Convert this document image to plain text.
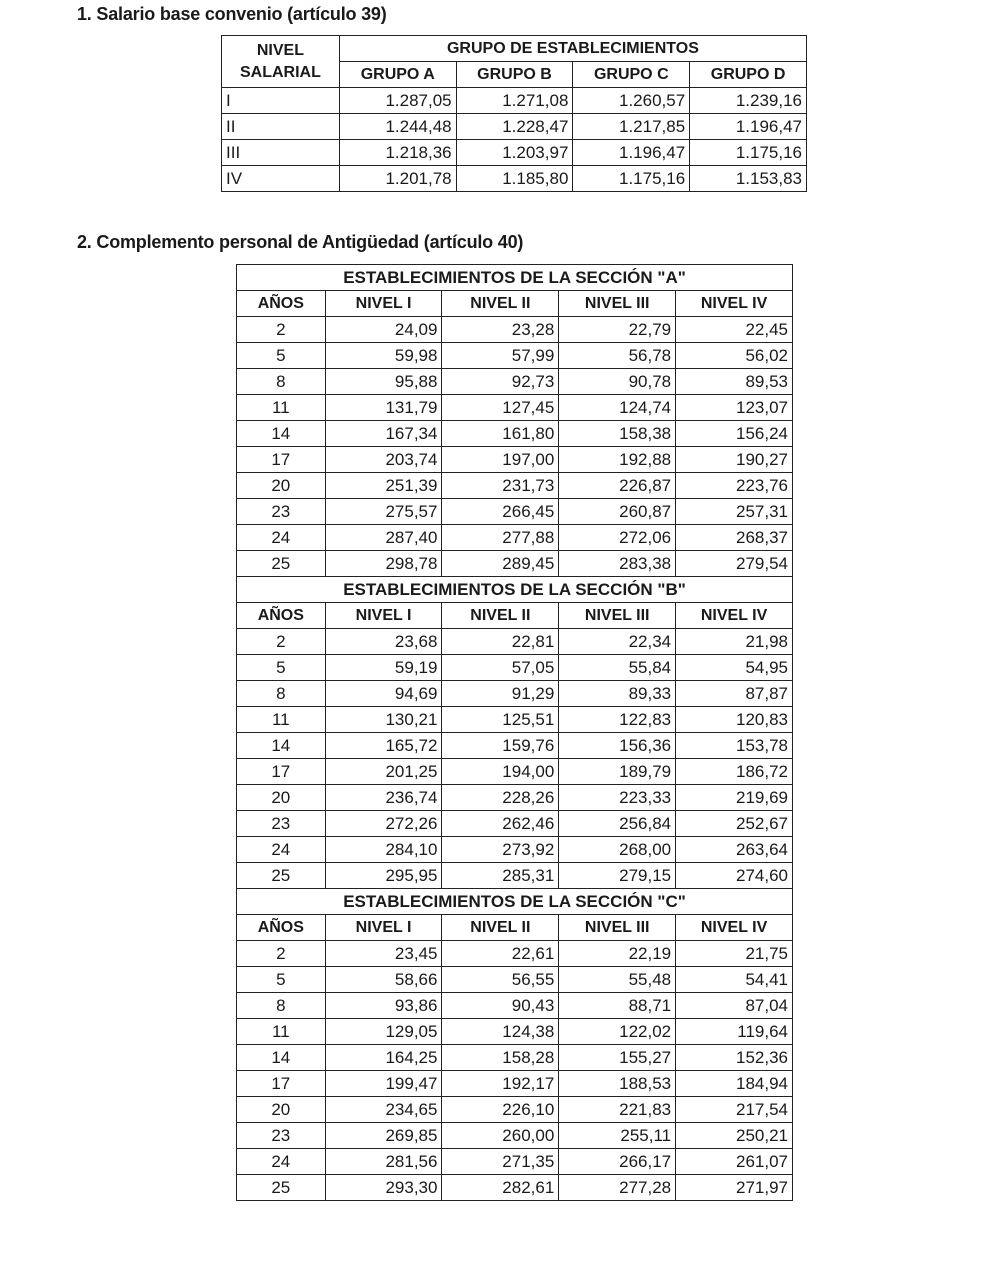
1. Salario base convenio (artículo 39)
NIVEL
SALARIAL	GRUPO DE ESTABLECIMIENTOS			
	GRUPO A	GRUPO B	GRUPO C	GRUPO D
I	1.287,05	1.271,08	1.260,57	1.239,16
II	1.244,48	1.228,47	1.217,85	1.196,47
III	1.218,36	1.203,97	1.196,47	1.175,16
IV	1.201,78	1.185,80	1.175,16	1.153,83
2. Complemento personal de Antigüedad (artículo 40)
ESTABLECIMIENTOS DE LA SECCIÓN "A"				
AÑOS	NIVEL I	NIVEL II	NIVEL III	NIVEL IV
2	24,09	23,28	22,79	22,45
5	59,98	57,99	56,78	56,02
8	95,88	92,73	90,78	89,53
11	131,79	127,45	124,74	123,07
14	167,34	161,80	158,38	156,24
17	203,74	197,00	192,88	190,27
20	251,39	231,73	226,87	223,76
23	275,57	266,45	260,87	257,31
24	287,40	277,88	272,06	268,37
25	298,78	289,45	283,38	279,54
ESTABLECIMIENTOS DE LA SECCIÓN "B"				
AÑOS	NIVEL I	NIVEL II	NIVEL III	NIVEL IV
2	23,68	22,81	22,34	21,98
5	59,19	57,05	55,84	54,95
8	94,69	91,29	89,33	87,87
11	130,21	125,51	122,83	120,83
14	165,72	159,76	156,36	153,78
17	201,25	194,00	189,79	186,72
20	236,74	228,26	223,33	219,69
23	272,26	262,46	256,84	252,67
24	284,10	273,92	268,00	263,64
25	295,95	285,31	279,15	274,60
ESTABLECIMIENTOS DE LA SECCIÓN "C"				
AÑOS	NIVEL I	NIVEL II	NIVEL III	NIVEL IV
2	23,45	22,61	22,19	21,75
5	58,66	56,55	55,48	54,41
8	93,86	90,43	88,71	87,04
11	129,05	124,38	122,02	119,64
14	164,25	158,28	155,27	152,36
17	199,47	192,17	188,53	184,94
20	234,65	226,10	221,83	217,54
23	269,85	260,00	255,11	250,21
24	281,56	271,35	266,17	261,07
25	293,30	282,61	277,28	271,97
